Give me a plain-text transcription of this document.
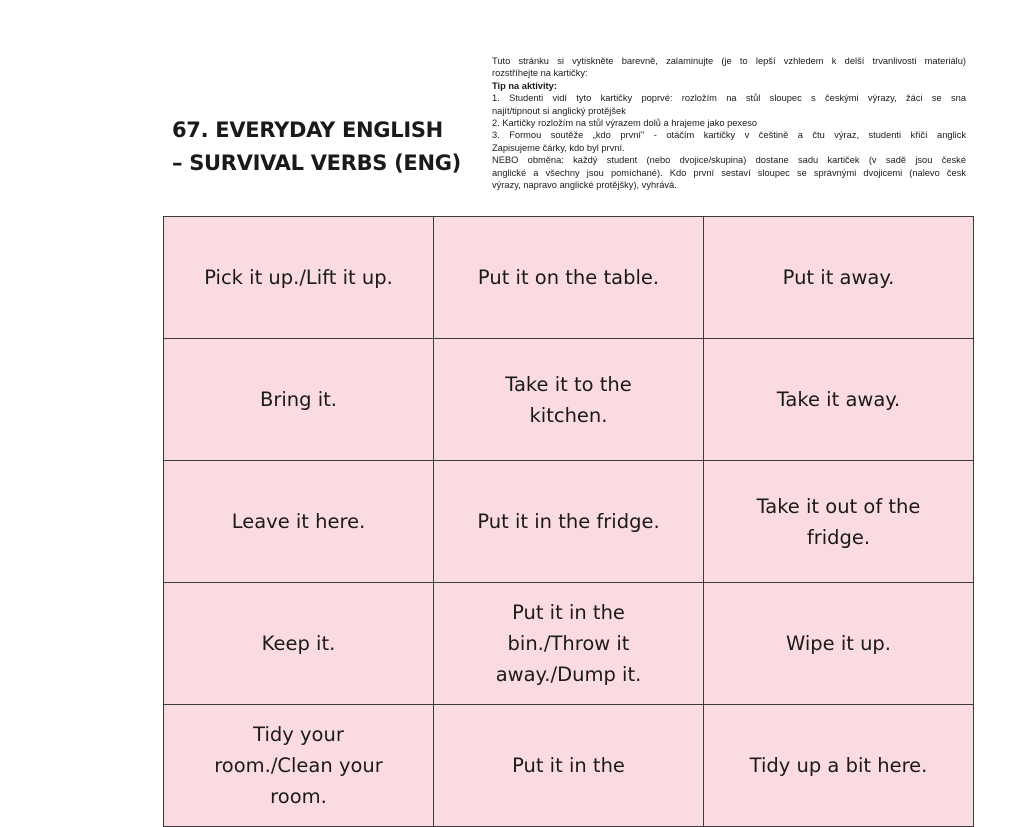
67. EVERYDAY ENGLISH
– SURVIVAL VERBS (ENG)
Tuto stránku si vytiskněte barevně, zalaminujte (je to lepší vzhledem k delší trvanlivosti materiálu)
rozstříhejte na kartičky:
Tip na aktivity:
1. Studenti vidí tyto kartičky poprvé: rozložím na stůl sloupec s českými výrazy, žáci se sna
najít/tipnout si anglický protějšek
2. Kartičky rozložím na stůl výrazem dolů a hrajeme jako pexeso
3. Formou soutěže „kdo první" - otáčím kartičky v češtině a čtu výraz, studenti křičí anglick
Zapisujeme čárky, kdo byl první.
NEBO obměna: každý student (nebo dvojice/skupina) dostane sadu kartiček (v sadě jsou české
anglické a všechny jsou pomíchané). Kdo první sestaví sloupec se správnými dvojicemi (nalevo česk
výrazy, napravo anglické protějšky), vyhrává.
Pick it up./Lift it up.	Put it on the table.	Put it away.
Bring it.	Take it to the kitchen.	Take it away.
Leave it here.	Put it in the fridge.	Take it out of the fridge.
Keep it.	Put it in the bin./Throw it away./Dump it.	Wipe it up.
Tidy your room./Clean your room.	Put it in the	Tidy up a bit here.
